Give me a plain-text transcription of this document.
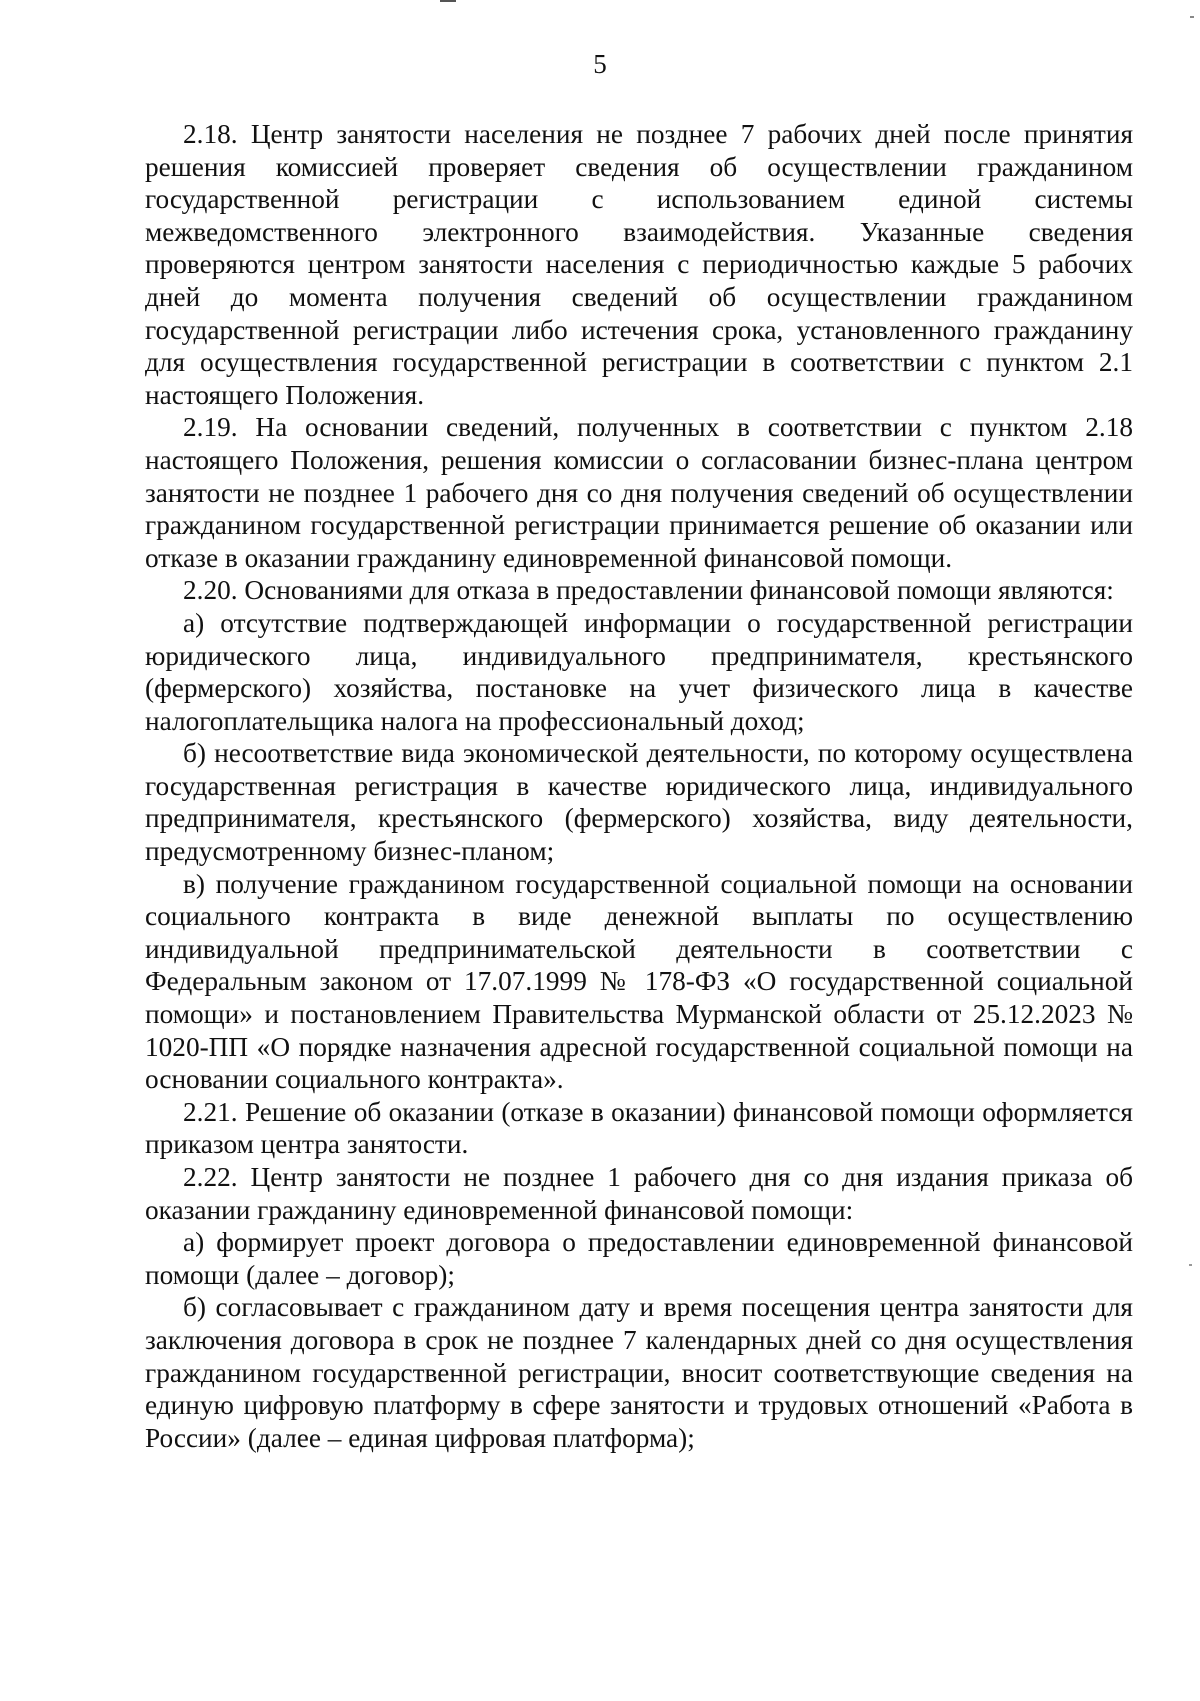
5

2.18. Центр занятости населения не позднее 7 рабочих дней после принятия решения комиссией проверяет сведения об осуществлении гражданином государственной регистрации с использованием единой системы межведомственного электронного взаимодействия. Указанные сведения проверяются центром занятости населения с периодичностью каждые 5 рабочих дней до момента получения сведений об осуществлении гражданином государственной регистрации либо истечения срока, установленного гражданину для осуществления государственной регистрации в соответствии с пунктом 2.1 настоящего Положения.

2.19. На основании сведений, полученных в соответствии с пунктом 2.18 настоящего Положения, решения комиссии о согласовании бизнес-плана центром занятости не позднее 1 рабочего дня со дня получения сведений об осуществлении гражданином государственной регистрации принимается решение об оказании или отказе в оказании гражданину единовременной финансовой помощи.

2.20. Основаниями для отказа в предоставлении финансовой помощи являются:

а) отсутствие подтверждающей информации о государственной регистрации юридического лица, индивидуального предпринимателя, крестьянского (фермерского) хозяйства, постановке на учет физического лица в качестве налогоплательщика налога на профессиональный доход;

б) несоответствие вида экономической деятельности, по которому осуществлена государственная регистрация в качестве юридического лица, индивидуального предпринимателя, крестьянского (фермерского) хозяйства, виду деятельности, предусмотренному бизнес-планом;

в) получение гражданином государственной социальной помощи на основании социального контракта в виде денежной выплаты по осуществлению индивидуальной предпринимательской деятельности в соответствии с Федеральным законом от 17.07.1999 № 178-ФЗ «О государственной социальной помощи» и постановлением Правительства Мурманской области от 25.12.2023 № 1020-ПП «О порядке назначения адресной государственной социальной помощи на основании социального контракта».

2.21. Решение об оказании (отказе в оказании) финансовой помощи оформляется приказом центра занятости.

2.22. Центр занятости не позднее 1 рабочего дня со дня издания приказа об оказании гражданину единовременной финансовой помощи:

а) формирует проект договора о предоставлении единовременной финансовой помощи (далее – договор);

б) согласовывает с гражданином дату и время посещения центра занятости для заключения договора в срок не позднее 7 календарных дней со дня осуществления гражданином государственной регистрации, вносит соответствующие сведения на единую цифровую платформу в сфере занятости и трудовых отношений «Работа в России» (далее – единая цифровая платформа);
